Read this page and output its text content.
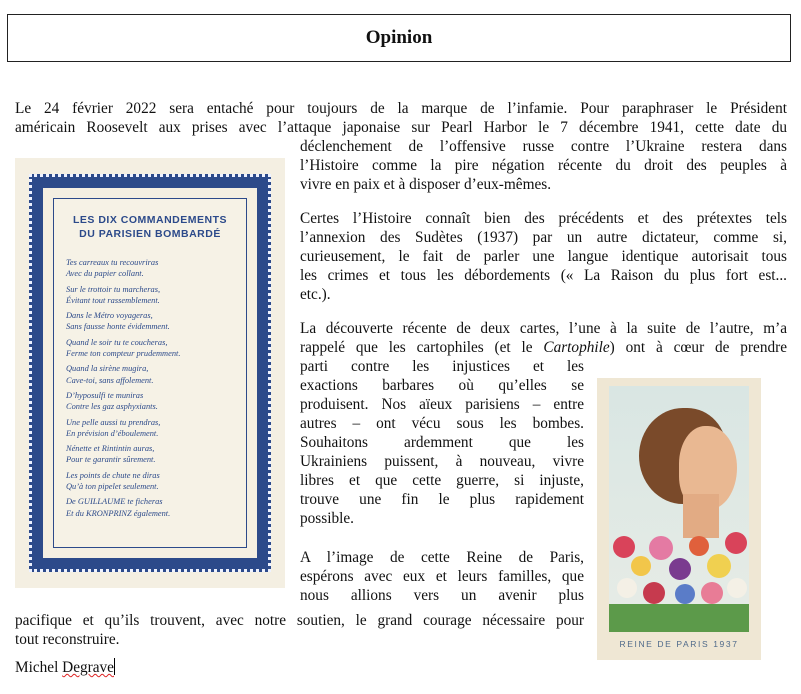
Opinion
Le 24 février 2022 sera entaché pour toujours de la marque de l’infamie. Pour paraphraser le Président
américain Roosevelt aux prises avec l’attaque japonaise sur Pearl Harbor le 7 décembre 1941, cette date du
déclenchement de l’offensive russe contre l’Ukraine restera dans
l’Histoire comme la pire négation récente du droit des peuples à
vivre en paix et à disposer d’eux-mêmes.
Certes l’Histoire connaît bien des précédents et des prétextes tels
l’annexion des Sudètes (1937) par un autre dictateur, comme si,
curieusement, le fait de parler une langue identique autorisait tous
les crimes et tous les débordements (« La Raison du plus fort est...
etc.).
La découverte récente de deux cartes, l’une à la suite de l’autre, m’a
rappelé que les cartophiles (et le Cartophile) ont à cœur de prendre
parti contre les injustices et les
exactions barbares où qu’elles se
produisent. Nos aïeux parisiens – entre
autres – ont vécu sous les bombes.
Souhaitons ardemment que les
Ukrainiens puissent, à nouveau, vivre
libres et que cette guerre, si injuste,
trouve une fin le plus rapidement
possible.
A l’image de cette Reine de Paris,
espérons avec eux et leurs familles, que
nous allions vers un avenir plus
pacifique et qu’ils trouvent, avec notre soutien, le grand courage nécessaire pour
tout reconstruire.
LES DIX COMMANDEMENTS
DU PARISIEN BOMBARDÉ
Tes carreaux tu recouvriras
Avec du papier collant.
Sur le trottoir tu marcheras,
Évitant tout rassemblement.
Dans le Métro voyageras,
Sans fausse honte évidemment.
Quand le soir tu te coucheras,
Ferme ton compteur prudemment.
Quand la sirène mugira,
Cave-toi, sans affolement.
D’hyposulfi te muniras
Contre les gaz asphyxiants.
Une pelle aussi tu prendras,
En prévision d’éboulement.
Nénette et Rintintin auras,
Pour te garantir sûrement.
Les points de chute ne diras
Qu’à ton pipelet seulement.
De GUILLAUME te ficheras
Et du KRONPRINZ également.
REINE DE PARIS 1937
Michel Degrave
